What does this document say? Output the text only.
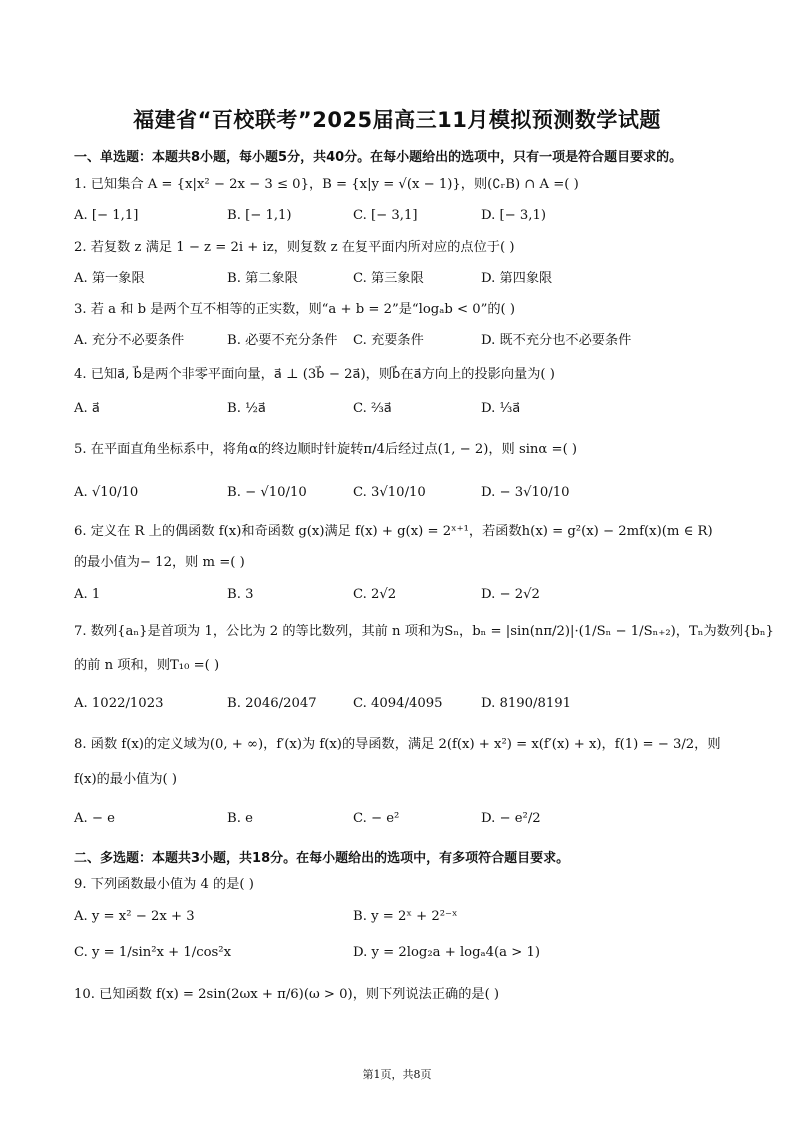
福建省“百校联考”2025届高三11月模拟预测数学试题
一、单选题：本题共8小题，每小题5分，共40分。在每小题给出的选项中，只有一项是符合题目要求的。
1. 已知集合 A = {x|x² − 2x − 3 ≤ 0}，B = {x|y = √(x − 1)}，则(∁ᵣB) ∩ A =( )
A. [− 1,1]	B. [− 1,1)	C. [− 3,1]	D. [− 3,1)
2. 若复数 z 满足 1 − z = 2i + iz，则复数 z 在复平面内所对应的点位于( )
A. 第一象限	B. 第二象限	C. 第三象限	D. 第四象限
3. 若 a 和 b 是两个互不相等的正实数，则“a + b = 2”是“logₐb < 0”的( )
A. 充分不必要条件	B. 必要不充分条件 C. 充要条件	D. 既不充分也不必要条件
4. 已知a⃗, b⃗是两个非零平面向量，a⃗ ⊥ (3b⃗ − 2a⃗)，则b⃗在a⃗方向上的投影向量为( )
A. a⃗	B. ½a⃗	C. ⅔a⃗	D. ⅓a⃗
5. 在平面直角坐标系中，将角α的终边顺时针旋转π/4后经过点(1, − 2)，则 sinα =( )
A. √10/10	B. − √10/10	C. 3√10/10	D. − 3√10/10
6. 定义在 R 上的偶函数 f(x)和奇函数 g(x)满足 f(x) + g(x) = 2ˣ⁺¹，若函数h(x) = g²(x) − 2mf(x)(m ∈ R)
的最小值为− 12，则 m =( )
A. 1	B. 3	C. 2√2	D. − 2√2
7. 数列{aₙ}是首项为 1，公比为 2 的等比数列，其前 n 项和为Sₙ，bₙ = |sin(nπ/2)|·(1/Sₙ − 1/Sₙ₊₂)，Tₙ为数列{bₙ}
的前 n 项和，则T₁₀ =( )
A. 1022/1023	B. 2046/2047	C. 4094/4095	D. 8190/8191
8. 函数 f(x)的定义域为(0, + ∞)，f′(x)为 f(x)的导函数，满足 2(f(x) + x²) = x(f′(x) + x)，f(1) = − 3/2，则
f(x)的最小值为( )
A. − e	B. e	C. − e²	D. − e²/2
二、多选题：本题共3小题，共18分。在每小题给出的选项中，有多项符合题目要求。
9. 下列函数最小值为 4 的是( )
A. y = x² − 2x + 3	B. y = 2ˣ + 2²⁻ˣ
C. y = 1/sin²x + 1/cos²x	D. y = 2log₂a + logₐ4(a > 1)
10. 已知函数 f(x) = 2sin(2ωx + π/6)(ω > 0)，则下列说法正确的是( )
第1页，共8页
